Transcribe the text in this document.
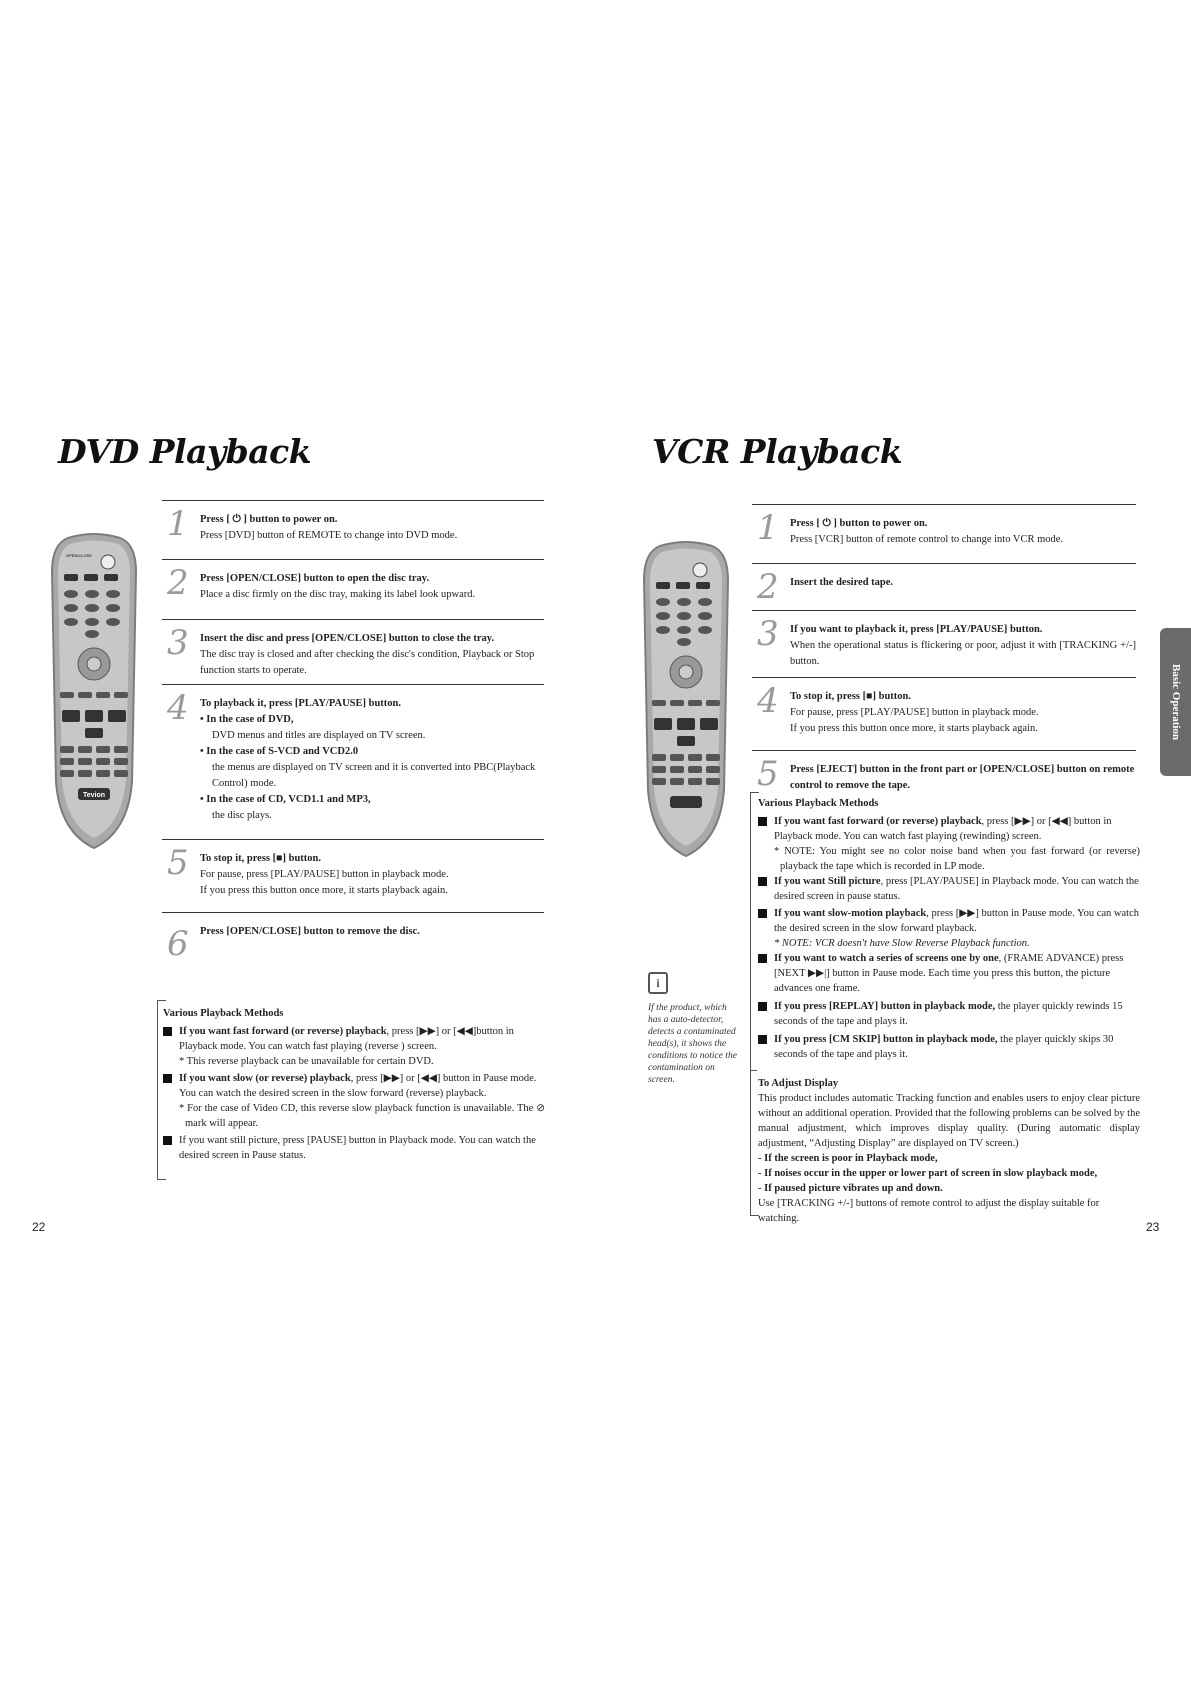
DVD Playback
OPEN/CLOSE
Tevion
1 Press [ ⏻ ] button to power on.
Press [DVD] button of REMOTE to change into DVD mode.
2 Press [OPEN/CLOSE] button to open the disc tray.
Place a disc firmly on the disc tray, making its label look upward.
3 Insert the disc and press [OPEN/CLOSE] button to close the tray.
The disc tray is closed and after checking the disc's condition, Playback or Stop function starts to operate.
4 To playback it, press [PLAY/PAUSE] button.
• In the case of DVD,
DVD menus and titles are displayed on TV screen.
• In the case of S-VCD and VCD2.0
the menus are displayed on TV screen and it is converted into PBC(Playback Control) mode.
• In the case of CD, VCD1.1 and MP3,
the disc plays.
5 To stop it, press [■] button.
For pause, press [PLAY/PAUSE] button in playback mode.
If you press this button once more, it starts playback again.
6 Press [OPEN/CLOSE] button to remove the disc.
Various Playback Methods
If you want fast forward (or reverse) playback, press [▶▶] or [◀◀]button in Playback mode. You can watch fast playing (reverse ) screen.
* This reverse playback can be unavailable for certain DVD.
If you want slow (or reverse) playback, press [▶▶] or [◀◀] button in Pause mode. You can watch the desired screen in the slow forward (reverse) playback.
* For the case of Video CD, this reverse slow playback function is unavailable. The ⊘ mark will appear.
If you want still picture, press [PAUSE] button in Playback mode. You can watch the desired screen in Pause status.
22
VCR Playback
1 Press [ ⏻ ] button to power on.
Press [VCR] button of remote control to change into VCR mode.
2 Insert the desired tape.
3 If you want to playback it, press [PLAY/PAUSE] button.
When the operational status is flickering or poor, adjust it with [TRACKING +/-] button.
4 To stop it, press [■] button.
For pause, press [PLAY/PAUSE] button in playback mode.
If you press this button once more, it starts playback again.
5 Press [EJECT] button in the front part or [OPEN/CLOSE] button on remote control to remove the tape.
i
If the product, which has a auto-detector, detects a contaminated head(s), it shows the conditions to notice the contamination on screen.
Various Playback Methods
If you want fast forward (or reverse) playback, press [▶▶] or [◀◀] button in Playback mode. You can watch fast playing (rewinding) screen.
* NOTE: You might see no color noise band when you fast forward (or reverse) playback the tape which is recorded in LP mode.
If you want Still picture, press [PLAY/PAUSE] in Playback mode. You can watch the desired screen in pause status.
If you want slow-motion playback, press [▶▶] button in Pause mode. You can watch the desired screen in the slow forward playback.
* NOTE: VCR doesn't have Slow Reverse Playback function.
If you want to watch a series of screens one by one, (FRAME ADVANCE) press [NEXT ▶▶|] button in Pause mode. Each time you press this button, the picture advances one frame.
If you press [REPLAY] button in playback mode, the player quickly rewinds 15 seconds of the tape and plays it.
If you press [CM SKIP] button in playback mode, the player quickly skips 30 seconds of the tape and plays it.
To Adjust Display
This product includes automatic Tracking function and enables users to enjoy clear picture without an additional operation. Provided that the following problems can be solved by the manual adjustment, which improves display quality. (During automatic display adjustment, “Adjusting Display” are displayed on TV screen.)
- If the screen is poor in Playback mode,
- If noises occur in the upper or lower part of screen in slow playback mode,
- If paused picture vibrates up and down.
Use [TRACKING +/-] buttons of remote control to adjust the display suitable for watching.
23
Basic Operation
